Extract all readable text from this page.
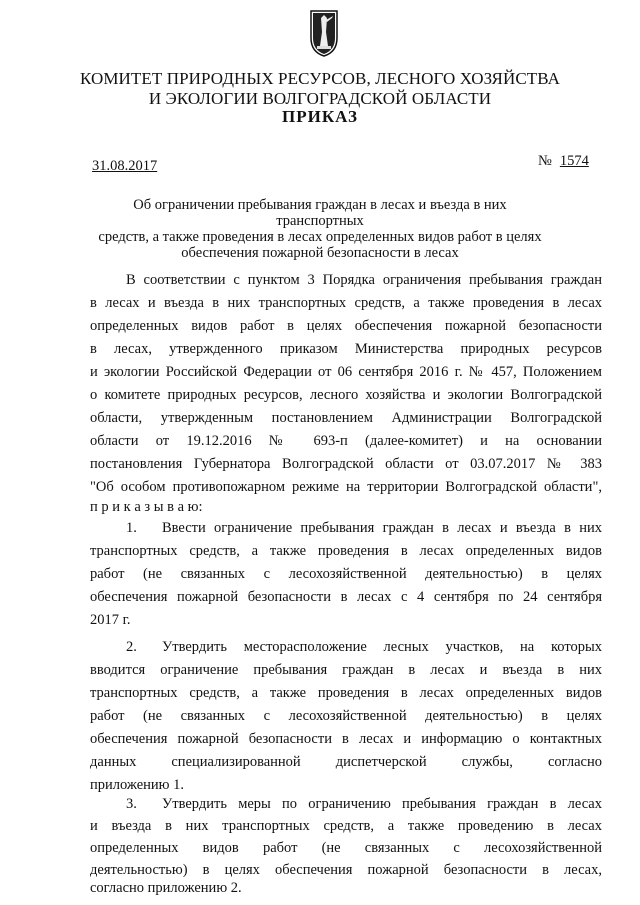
КОМИТЕТ ПРИРОДНЫХ РЕСУРСОВ, ЛЕСНОГО ХОЗЯЙСТВА
И ЭКОЛОГИИ ВОЛГОГРАДСКОЙ ОБЛАСТИ
ПРИКАЗ
31.08.2017	№ 1574
Об ограничении пребывания граждан в лесах и въезда в них транспортных
средств, а также проведения в лесах определенных видов работ в целях
обеспечения пожарной безопасности в лесах
В соответствии с пунктом 3 Порядка ограничения пребывания граждан
в лесах и въезда в них транспортных средств, а также проведения в лесах
определенных видов работ в целях обеспечения пожарной безопасности
в лесах, утвержденного приказом Министерства природных ресурсов
и экологии Российской Федерации от 06 сентября 2016 г. № 457, Положением
о комитете природных ресурсов, лесного хозяйства и экологии Волгоградской
области, утвержденным постановлением Администрации Волгоградской
области от 19.12.2016 № 693-п (далее-комитет) и на основании
постановления Губернатора Волгоградской области от 03.07.2017 № 383
"Об особом противопожарном режиме на территории Волгоградской области",
п р и к а з ы в а ю:
1.	Ввести ограничение пребывания граждан в лесах и въезда в них
транспортных средств, а также проведения в лесах определенных видов
работ (не связанных с лесохозяйственной деятельностью) в целях
обеспечения пожарной безопасности в лесах с 4 сентября по 24 сентября
2017 г.
2.	Утвердить месторасположение лесных участков, на которых
вводится ограничение пребывания граждан в лесах и въезда в них
транспортных средств, а также проведения в лесах определенных видов
работ (не связанных с лесохозяйственной деятельностью) в целях
обеспечения пожарной безопасности в лесах и информацию о контактных
данных специализированной диспетчерской службы, согласно
приложению 1.
3.	Утвердить меры по ограничению пребывания граждан в лесах
и въезда в них транспортных средств, а также проведению в лесах
определенных видов работ (не связанных с лесохозяйственной
деятельностью) в целях обеспечения пожарной безопасности в лесах,
согласно приложению 2.
